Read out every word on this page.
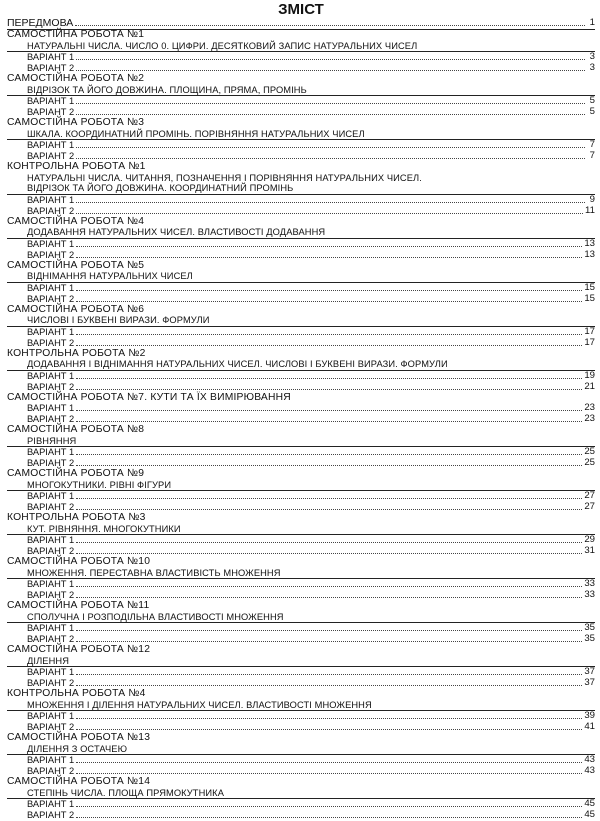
ЗМІСТ
ПЕРЕДМОВА	1
САМОСТІЙНА РОБОТА №1
НАТУРАЛЬНІ ЧИСЛА. ЧИСЛО 0. ЦИФРИ. ДЕСЯТКОВИЙ ЗАПИС НАТУРАЛЬНИХ ЧИСЕЛ
ВАРІАНТ 1	3
ВАРІАНТ 2	3
САМОСТІЙНА РОБОТА №2
ВІДРІЗОК ТА ЙОГО ДОВЖИНА. ПЛОЩИНА, ПРЯМА, ПРОМІНЬ
ВАРІАНТ 1	5
ВАРІАНТ 2	5
САМОСТІЙНА РОБОТА №3
ШКАЛА. КООРДИНАТНИЙ ПРОМІНЬ. ПОРІВНЯННЯ НАТУРАЛЬНИХ ЧИСЕЛ
ВАРІАНТ 1	7
ВАРІАНТ 2	7
КОНТРОЛЬНА РОБОТА №1
НАТУРАЛЬНІ ЧИСЛА. ЧИТАННЯ, ПОЗНАЧЕННЯ І ПОРІВНЯННЯ НАТУРАЛЬНИХ ЧИСЕЛ.
ВІДРІЗОК ТА ЙОГО ДОВЖИНА. КООРДИНАТНИЙ ПРОМІНЬ
ВАРІАНТ 1	9
ВАРІАНТ 2	11
САМОСТІЙНА РОБОТА №4
ДОДАВАННЯ НАТУРАЛЬНИХ ЧИСЕЛ. ВЛАСТИВОСТІ ДОДАВАННЯ
ВАРІАНТ 1	13
ВАРІАНТ 2	13
САМОСТІЙНА РОБОТА №5
ВІДНІМАННЯ НАТУРАЛЬНИХ ЧИСЕЛ
ВАРІАНТ 1	15
ВАРІАНТ 2	15
САМОСТІЙНА РОБОТА №6
ЧИСЛОВІ І БУКВЕНІ ВИРАЗИ. ФОРМУЛИ
ВАРІАНТ 1	17
ВАРІАНТ 2	17
КОНТРОЛЬНА РОБОТА №2
ДОДАВАННЯ І ВІДНІМАННЯ НАТУРАЛЬНИХ ЧИСЕЛ. ЧИСЛОВІ І БУКВЕНІ ВИРАЗИ. ФОРМУЛИ
ВАРІАНТ 1	19
ВАРІАНТ 2	21
САМОСТІЙНА РОБОТА №7. КУТИ ТА ЇХ ВИМІРЮВАННЯ
ВАРІАНТ 1	23
ВАРІАНТ 2	23
САМОСТІЙНА РОБОТА №8
РІВНЯННЯ
ВАРІАНТ 1	25
ВАРІАНТ 2	25
САМОСТІЙНА РОБОТА №9
МНОГОКУТНИКИ. РІВНІ ФІГУРИ
ВАРІАНТ 1	27
ВАРІАНТ 2	27
КОНТРОЛЬНА РОБОТА №3
КУТ. РІВНЯННЯ. МНОГОКУТНИКИ
ВАРІАНТ 1	29
ВАРІАНТ 2	31
САМОСТІЙНА РОБОТА №10
МНОЖЕННЯ. ПЕРЕСТАВНА ВЛАСТИВІСТЬ МНОЖЕННЯ
ВАРІАНТ 1	33
ВАРІАНТ 2	33
САМОСТІЙНА РОБОТА №11
СПОЛУЧНА І РОЗПОДІЛЬНА ВЛАСТИВОСТІ МНОЖЕННЯ
ВАРІАНТ 1	35
ВАРІАНТ 2	35
САМОСТІЙНА РОБОТА №12
ДІЛЕННЯ
ВАРІАНТ 1	37
ВАРІАНТ 2	37
КОНТРОЛЬНА РОБОТА №4
МНОЖЕННЯ І ДІЛЕННЯ НАТУРАЛЬНИХ ЧИСЕЛ. ВЛАСТИВОСТІ МНОЖЕННЯ
ВАРІАНТ 1	39
ВАРІАНТ 2	41
САМОСТІЙНА РОБОТА №13
ДІЛЕННЯ З ОСТАЧЕЮ
ВАРІАНТ 1	43
ВАРІАНТ 2	43
САМОСТІЙНА РОБОТА №14
СТЕПІНЬ ЧИСЛА. ПЛОЩА ПРЯМОКУТНИКА
ВАРІАНТ 1	45
ВАРІАНТ 2	45
